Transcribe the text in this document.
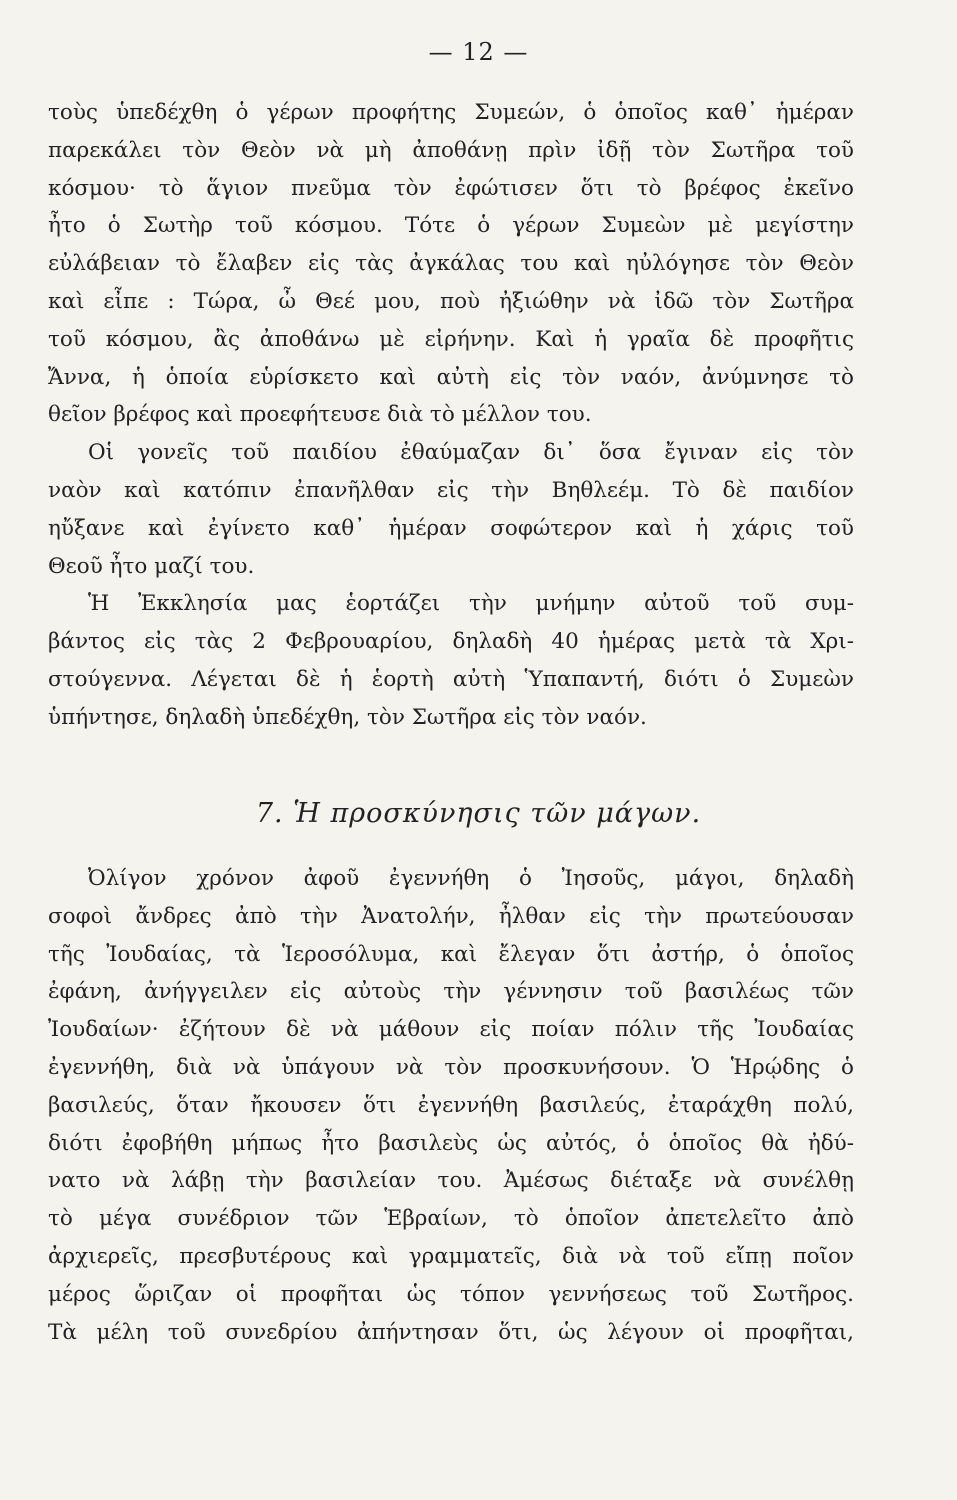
— 12 —
τοὺς ὑπεδέχθη ὁ γέρων προφήτης Συμεών, ὁ ὁποῖος καθ᾽ ἡμέραν
παρεκάλει τὸν Θεὸν νὰ μὴ ἀποθάνῃ πρὶν ἰδῇ τὸν Σωτῆρα τοῦ
κόσμου· τὸ ἅγιον πνεῦμα τὸν ἐφώτισεν ὅτι τὸ βρέφος ἐκεῖνο
ἦτο ὁ Σωτὴρ τοῦ κόσμου. Τότε ὁ γέρων Συμεὼν μὲ μεγίστην
εὐλάβειαν τὸ ἔλαβεν εἰς τὰς ἀγκάλας του καὶ ηὐλόγησε τὸν Θεὸν
καὶ εἶπε : Τώρα, ὦ Θεέ μου, ποὺ ἠξιώθην νὰ ἰδῶ τὸν Σωτῆρα
τοῦ κόσμου, ἂς ἀποθάνω μὲ εἰρήνην. Καὶ ἡ γραῖα δὲ προφῆτις
Ἄννα, ἡ ὁποία εὑρίσκετο καὶ αὐτὴ εἰς τὸν ναόν, ἀνύμνησε τὸ
θεῖον βρέφος καὶ προεφήτευσε διὰ τὸ μέλλον του.
Οἱ γονεῖς τοῦ παιδίου ἐθαύμαζαν δι᾽ ὅσα ἔγιναν εἰς τὸν
ναὸν καὶ κατόπιν ἐπανῆλθαν εἰς τὴν Βηθλεέμ. Τὸ δὲ παιδίον
ηὔξανε καὶ ἐγίνετο καθ᾽ ἡμέραν σοφώτερον καὶ ἡ χάρις τοῦ
Θεοῦ ἦτο μαζί του.
Ἡ Ἐκκλησία μας ἑορτάζει τὴν μνήμην αὐτοῦ τοῦ συμ-
βάντος εἰς τὰς 2 Φεβρουαρίου, δηλαδὴ 40 ἡμέρας μετὰ τὰ Χρι-
στούγεννα. Λέγεται δὲ ἡ ἑορτὴ αὐτὴ Ὑπαπαντή, διότι ὁ Συμεὼν
ὑπήντησε, δηλαδὴ ὑπεδέχθη, τὸν Σωτῆρα εἰς τὸν ναόν.
7. Ἡ προσκύνησις τῶν μάγων.
Ὀλίγον χρόνον ἀφοῦ ἐγεννήθη ὁ Ἰησοῦς, μάγοι, δηλαδὴ
σοφοὶ ἄνδρες ἀπὸ τὴν Ἀνατολήν, ἦλθαν εἰς τὴν πρωτεύουσαν
τῆς Ἰουδαίας, τὰ Ἱεροσόλυμα, καὶ ἔλεγαν ὅτι ἀστήρ, ὁ ὁποῖος
ἐφάνη, ἀνήγγειλεν εἰς αὐτοὺς τὴν γέννησιν τοῦ βασιλέως τῶν
Ἰουδαίων· ἐζήτουν δὲ νὰ μάθουν εἰς ποίαν πόλιν τῆς Ἰουδαίας
ἐγεννήθη, διὰ νὰ ὑπάγουν νὰ τὸν προσκυνήσουν. Ὁ Ἡρῴδης ὁ
βασιλεύς, ὅταν ἤκουσεν ὅτι ἐγεννήθη βασιλεύς, ἐταράχθη πολύ,
διότι ἐφοβήθη μήπως ἦτο βασιλεὺς ὡς αὐτός, ὁ ὁποῖος θὰ ἠδύ-
νατο νὰ λάβῃ τὴν βασιλείαν του. Ἀμέσως διέταξε νὰ συνέλθῃ
τὸ μέγα συνέδριον τῶν Ἑβραίων, τὸ ὁποῖον ἀπετελεῖτο ἀπὸ
ἀρχιερεῖς, πρεσβυτέρους καὶ γραμματεῖς, διὰ νὰ τοῦ εἴπῃ ποῖον
μέρος ὥριζαν οἱ προφῆται ὡς τόπον γεννήσεως τοῦ Σωτῆρος.
Τὰ μέλη τοῦ συνεδρίου ἀπήντησαν ὅτι, ὡς λέγουν οἱ προφῆται,
